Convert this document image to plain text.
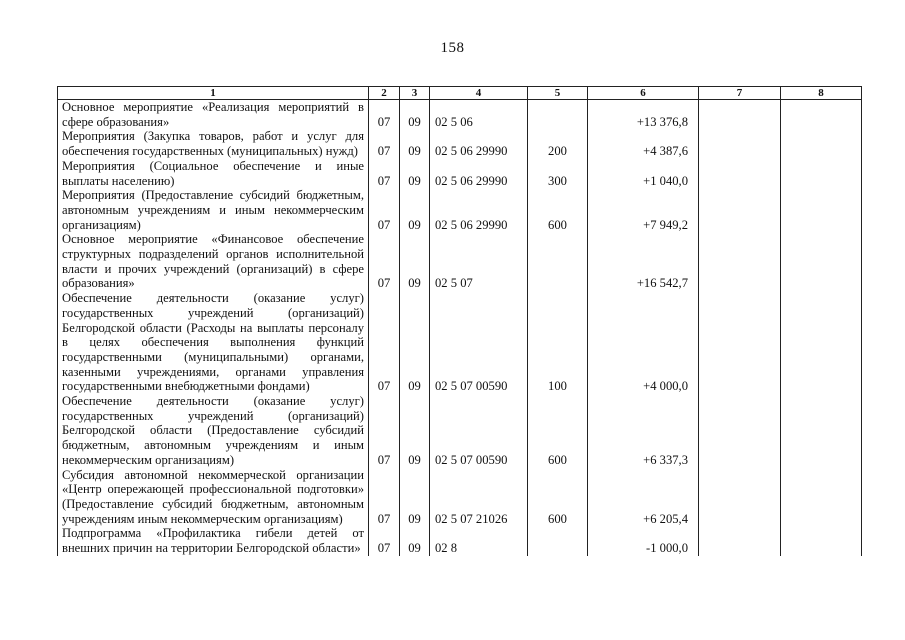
158
1	2	3	4	5	6	7	8
Основное мероприятие «Реализация мероприятий в сфере образования»	07	09	02 5 06		+13 376,8		
Мероприятия (Закупка товаров, работ и услуг для обеспечения государственных (муниципальных) нужд)	07	09	02 5 06 29990	200	+4 387,6		
Мероприятия (Социальное обеспечение и иные выплаты населению)	07	09	02 5 06 29990	300	+1 040,0		
Мероприятия (Предоставление субсидий бюджетным, автономным учреждениям и иным некоммерческим организациям)	07	09	02 5 06 29990	600	+7 949,2		
Основное мероприятие «Финансовое обеспечение структурных подразделений органов исполнительной власти и прочих учреждений (организаций) в сфере образования»	07	09	02 5 07		+16 542,7		
Обеспечение деятельности (оказание услуг) государственных учреждений (организаций) Белгородской области (Расходы на выплаты персоналу в целях обеспечения выполнения функций государственными (муниципальными) органами, казенными учреждениями, органами управления государственными внебюджетными фондами)	07	09	02 5 07 00590	100	+4 000,0		
Обеспечение деятельности (оказание услуг) государственных учреждений (организаций) Белгородской области (Предоставление субсидий бюджетным, автономным учреждениям и иным некоммерческим организациям)	07	09	02 5 07 00590	600	+6 337,3		
Субсидия автономной некоммерческой организации «Центр опережающей профессиональной подготовки» (Предоставление субсидий бюджетным, автономным учреждениям иным некоммерческим организациям)	07	09	02 5 07 21026	600	+6 205,4		
Подпрограмма «Профилактика гибели детей от внешних причин на территории Белгородской области»	07	09	02 8		-1 000,0		
